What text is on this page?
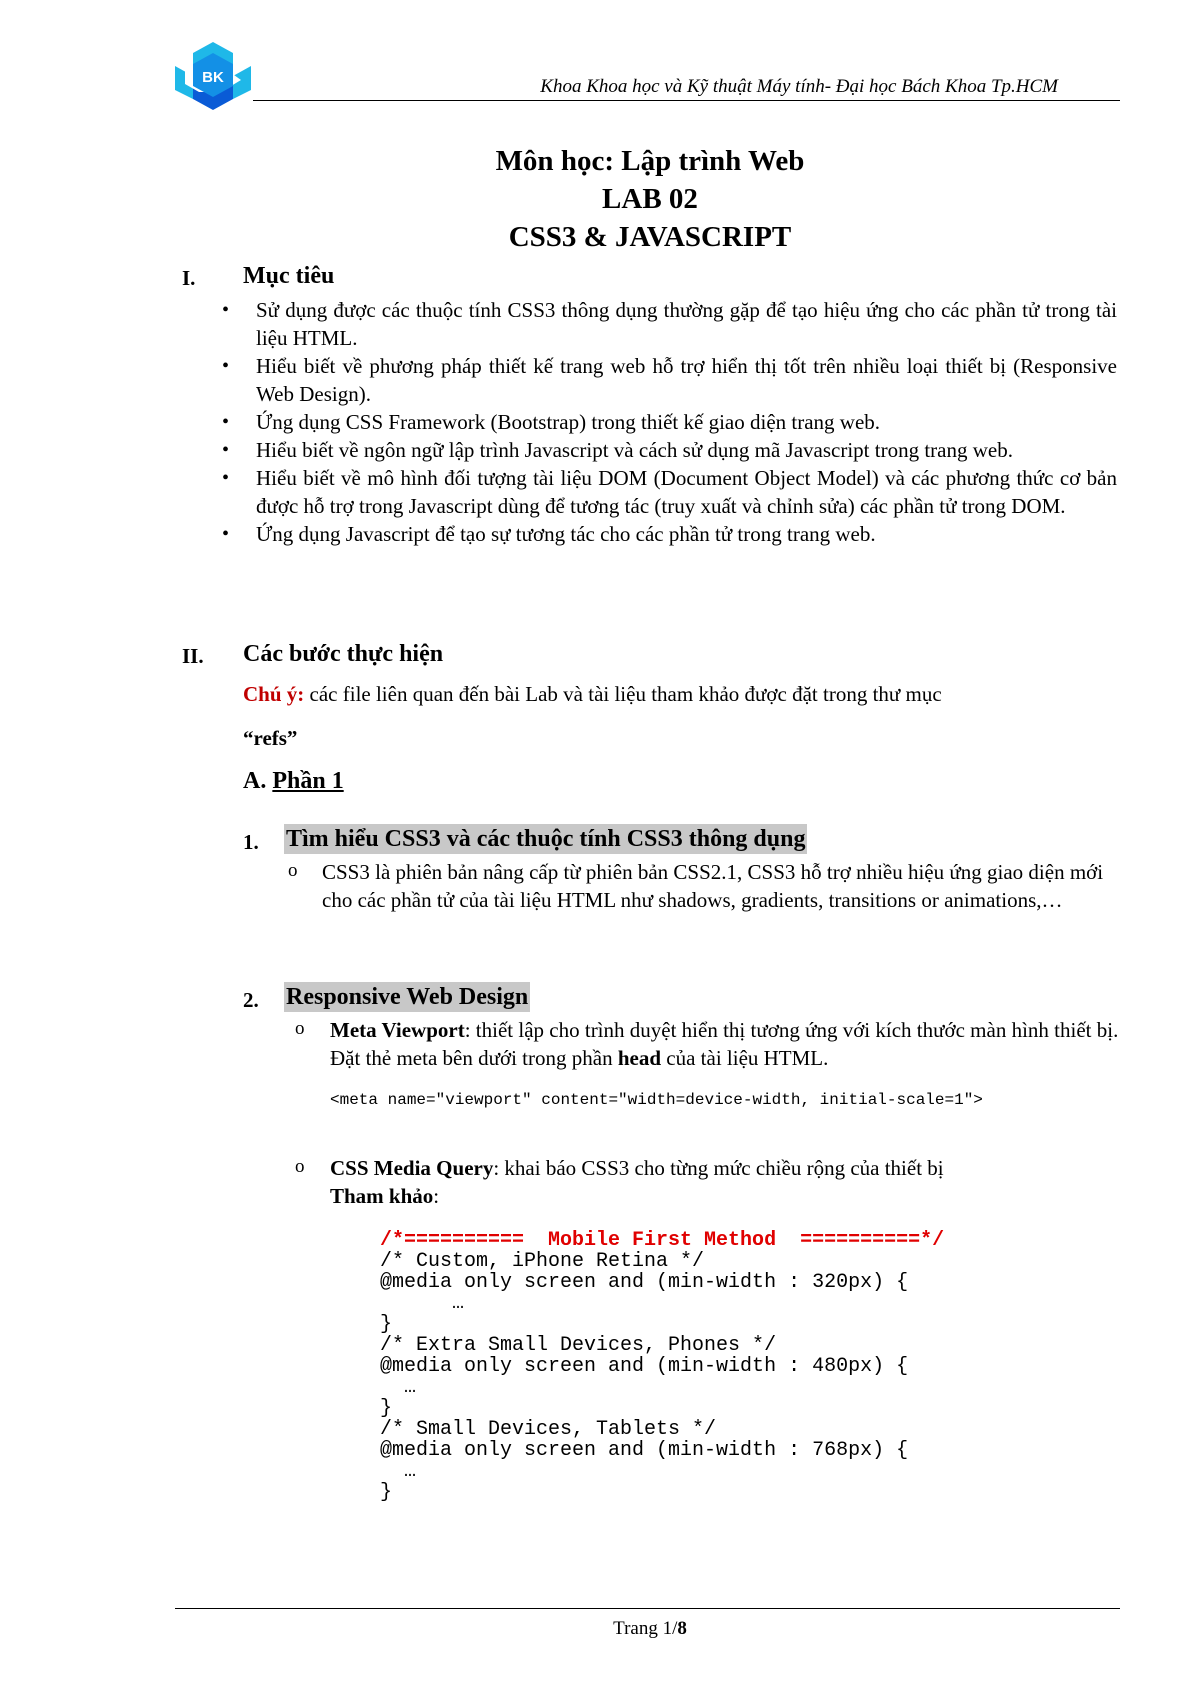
BK	Khoa Khoa học và Kỹ thuật Máy tính- Đại học Bách Khoa Tp.HCM
Môn học: Lập trình Web
LAB 02
CSS3 & JAVASCRIPT
I. Mục tiêu
• Sử dụng được các thuộc tính CSS3 thông dụng thường gặp để tạo hiệu ứng cho các phần tử trong tài liệu HTML.
• Hiểu biết về phương pháp thiết kế trang web hỗ trợ hiển thị tốt trên nhiều loại thiết bị (Responsive Web Design).
• Ứng dụng CSS Framework (Bootstrap) trong thiết kế giao diện trang web.
• Hiểu biết về ngôn ngữ lập trình Javascript và cách sử dụng mã Javascript trong trang web.
• Hiểu biết về mô hình đối tượng tài liệu DOM (Document Object Model) và các phương thức cơ bản được hỗ trợ trong Javascript dùng để tương tác (truy xuất và chỉnh sửa) các phần tử trong DOM.
• Ứng dụng Javascript để tạo sự tương tác cho các phần tử trong trang web.
II. Các bước thực hiện
Chú ý: các file liên quan đến bài Lab và tài liệu tham khảo được đặt trong thư mục
“refs”
A. Phần 1
1. Tìm hiểu CSS3 và các thuộc tính CSS3 thông dụng
o CSS3 là phiên bản nâng cấp từ phiên bản CSS2.1, CSS3 hỗ trợ nhiều hiệu ứng giao diện mới cho các phần tử của tài liệu HTML như shadows, gradients, transitions or animations,…
2. Responsive Web Design
o Meta Viewport: thiết lập cho trình duyệt hiển thị tương ứng với kích thước màn hình thiết bị. Đặt thẻ meta bên dưới trong phần head của tài liệu HTML.
<meta name="viewport" content="width=device-width, initial-scale=1">
o CSS Media Query: khai báo CSS3 cho từng mức chiều rộng của thiết bị
Tham khảo:
/*==========  Mobile First Method  ==========*/
/* Custom, iPhone Retina */
@media only screen and (min-width : 320px) {
…
}
/* Extra Small Devices, Phones */
@media only screen and (min-width : 480px) {
…
}
/* Small Devices, Tablets */
@media only screen and (min-width : 768px) {
…
}
Trang 1/8
